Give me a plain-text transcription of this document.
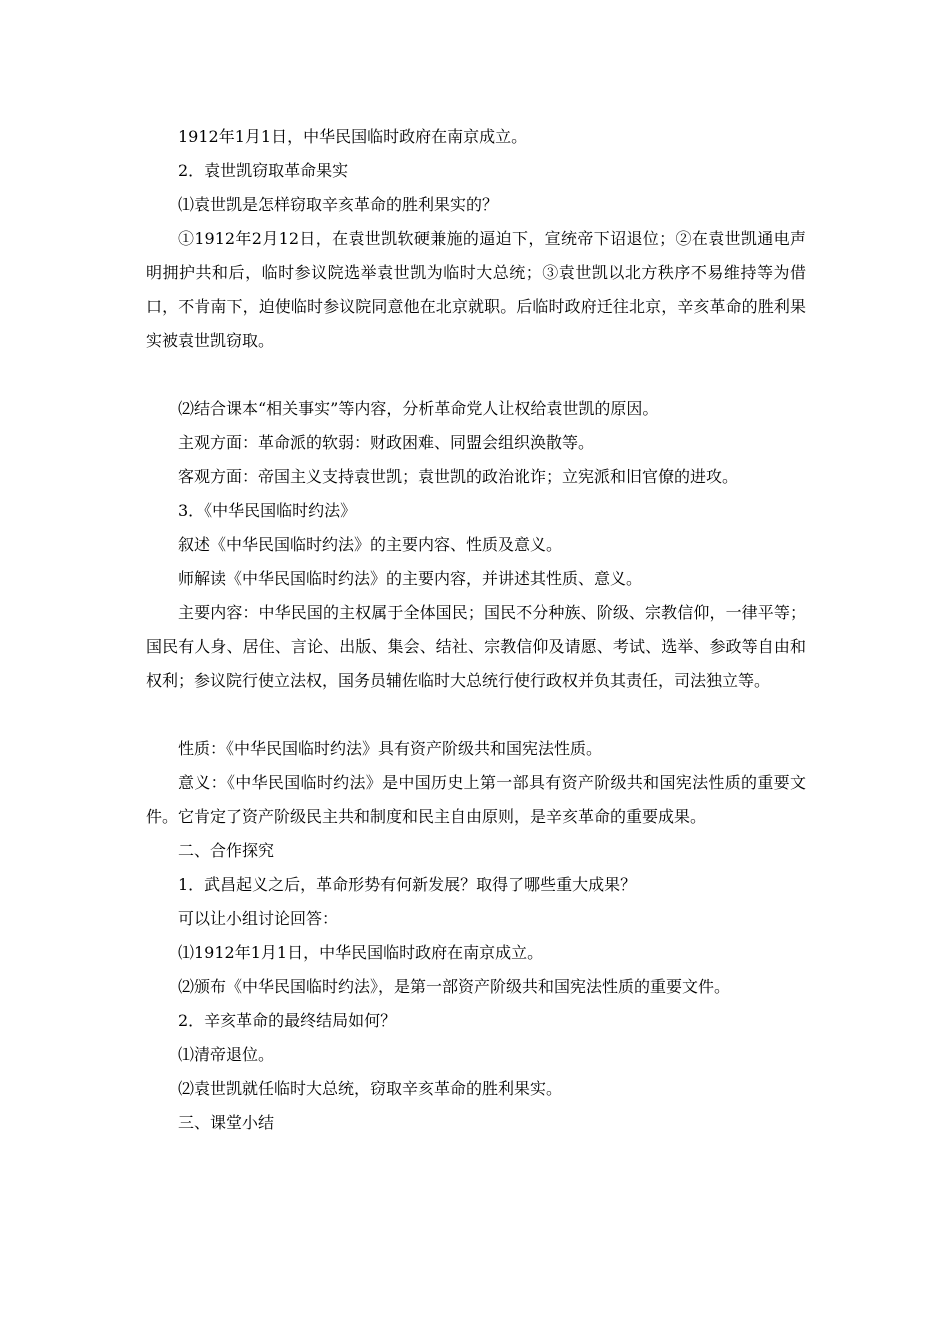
1912年1月1日，中华民国临时政府在南京成立。
2．袁世凯窃取革命果实
⑴袁世凯是怎样窃取辛亥革命的胜利果实的？
①1912年2月12日，在袁世凯软硬兼施的逼迫下，宣统帝下诏退位；②在袁世凯通电声明拥护共和后，临时参议院选举袁世凯为临时大总统；③袁世凯以北方秩序不易维持等为借口，不肯南下，迫使临时参议院同意他在北京就职。后临时政府迁往北京，辛亥革命的胜利果实被袁世凯窃取。
⑵结合课本“相关事实”等内容，分析革命党人让权给袁世凯的原因。
主观方面：革命派的软弱：财政困难、同盟会组织涣散等。
客观方面：帝国主义支持袁世凯；袁世凯的政治讹诈；立宪派和旧官僚的进攻。
3．《中华民国临时约法》
叙述《中华民国临时约法》的主要内容、性质及意义。
师解读《中华民国临时约法》的主要内容，并讲述其性质、意义。
主要内容：中华民国的主权属于全体国民；国民不分种族、阶级、宗教信仰，一律平等；国民有人身、居住、言论、出版、集会、结社、宗教信仰及请愿、考试、选举、参政等自由和权利；参议院行使立法权，国务员辅佐临时大总统行使行政权并负其责任，司法独立等。
性质：《中华民国临时约法》具有资产阶级共和国宪法性质。
意义：《中华民国临时约法》是中国历史上第一部具有资产阶级共和国宪法性质的重要文件。它肯定了资产阶级民主共和制度和民主自由原则，是辛亥革命的重要成果。
二、合作探究
1．武昌起义之后，革命形势有何新发展？取得了哪些重大成果？
可以让小组讨论回答：
⑴1912年1月1日，中华民国临时政府在南京成立。
⑵颁布《中华民国临时约法》，是第一部资产阶级共和国宪法性质的重要文件。
2．辛亥革命的最终结局如何？
⑴清帝退位。
⑵袁世凯就任临时大总统，窃取辛亥革命的胜利果实。
三、课堂小结
